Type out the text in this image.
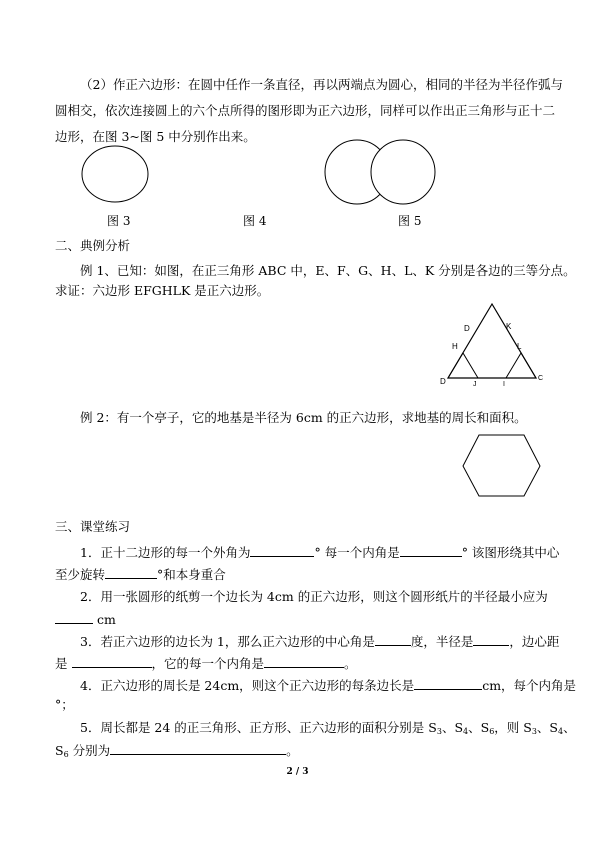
（2）作正六边形：在圆中任作一条直径，再以两端点为圆心，相同的半径为半径作弧与
圆相交，依次连接圆上的六个点所得的图形即为正六边形，同样可以作出正三角形与正十二
边形，在图 3~图 5 中分别作出来。
图 3	图 4	图 5
二、典例分析
例 1、已知：如图，在正三角形 ABC 中，E、F、G、H、L、K 分别是各边的三等分点。
求证：六边形 EFGHLK 是正六边形。
D	K
H	L
D	J	I
C
例 2：有一个亭子，它的地基是半径为 6cm 的正六边形，求地基的周长和面积。
三、课堂练习
1．正十二边形的每一个外角为	° 每一个内角是	° 该图形绕其中心
至少旋转	°和本身重合
2．用一张圆形的纸剪一个边长为 4cm 的正六边形，则这个圆形纸片的半径最小应为
cm
3．若正六边形的边长为 1，那么正六边形的中心角是	度，半径是	，边心距
是	，它的每一个内角是	。
4．正六边形的周长是 24cm，则这个正六边形的每条边长是	cm，每个内角是
°；
5．周长都是 24 的正三角形、正方形、正六边形的面积分别是 $S_3$、$S_4$、$S_6$，则 $S_3$、$S_4$、
$S_6$ 分别为	。
2 / 3
